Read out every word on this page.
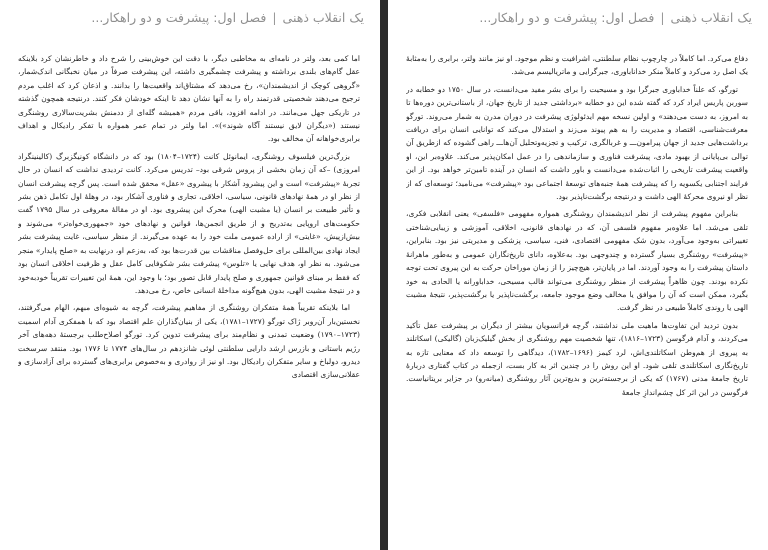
یک انقلاب ذهنی|فصل اول: پیشرفت و دو راهکار...

اما کمی بعد، ولتر در نامه‌ای به مخاطبی دیگر، با دقت این خوش‌بینی را شرح داد و خاطرنشان کرد بلاینکه عقل گام‌های بلندی برداشته و پیشرفت چشمگیری داشته، این پیشرفت صرفاً در میان نخبگانی اندک‌شمار، «گروهی کوچک از اندیشمندان»، رخ می‌دهد که مشتاق‌اند واقعیت‌ها را بدانند. و اذعان کرد که اغلب مردم ترجیح می‌دهند شخصیتی قدرتمند راه را به آنها نشان دهد تا اینکه خودشان فکر کنند. درنتیجه همچون گذشته در تاریکی جهل می‌مانند. در ادامه افزود، باقی مردم «همیشه گله‌ای از ددمنش بشریت‌سالاری روشنگری نیستند («دیگران لایق نیستند آگاه شوند»)». اما ولتر در تمام عمر همواره با تفکر رادیکال و اهداف برابری‌خواهانه آن مخالف بود.

بزرگ‌ترین فیلسوف روشنگری، ایمانوئل کانت (۱۷۲۴–۱۸۰۴) بود که در دانشگاه کونیگزبرگ (کالینینگراد امروزی) –که آن زمان بخشی از پروس شرقی بود– تدریس می‌کرد. کانت تردیدی نداشت که انسان در حال تجربهٔ «پیشرفت» است و این پیشرود آشکار با پیشروی «عقل» محقق شده است. پس گرچه پیشرفت انسان از نظر او در همهٔ نهادهای قانونی، سیاسی، اخلاقی، تجاری و فناوری آشکار بود، در وهلهٔ اول تکامل ذهن بشر و تأثیر طبیعت بر انسان (یا مشیت الهی) محرک این پیشروی بود. او در مقالهٔ معروفی در سال ۱۷۹۵ گفت حکومت‌های اروپایی به‌تدریج و از طریق انجمن‌ها، قوانین و نهادهای خود «جمهوری‌خواه‌تر» می‌شوند و بیش‌ازپیش، «غایتی» از اراده عمومی ملت خود را به عهده می‌گیرند. از منظر سیاسی، غایت پیشرفت بشر ایجاد نهادی بین‌المللی برای حل‌وفصل مناقشات بین قدرت‌ها بود که، به‌زعم او، درنهایت به «صلح پایدار» منجر می‌شود. به نظر او، هدف نهایی یا «تلوس» پیشرفت بشر شکوفایی کامل عقل و ظرفیت اخلاقی انسان بود که فقط بر مبنای قوانین جمهوری و صلح پایدار قابل تصور بود؛ با وجود این، همهٔ این تغییرات تقریباً خودبه‌خود و در نتیجهٔ مشیت الهی، بدون هیچ‌گونه مداخلهٔ انسانی خاص، رخ می‌دهد.

اما بلاینکه تقریباً همهٔ متفکران روشنگری از مفاهیم پیشرفت، گرچه به شیوه‌ای مبهم، الهام می‌گرفتند، نخستین‌بار آن‌روبر ژاک تورگو (۱۷۲۷–۱۷۸۱)، یکی از بنیان‌گذاران علم اقتصاد بود که با همفکری آدام اسمیت (۱۷۲۳–۱۷۹۰) وضعیت تمدنی و نظام‌مند برای پیشرفت تدوین کرد. تورگو اصلاح‌طلب برجستهٔ دهه‌های آخر رژیم باستانی و بازرس ارشد دارایی سلطنتی لوئی شانزدهم در سال‌های ۱۷۷۴ تا ۱۷۷۶ بود. منتقد سرسخت دیدرو، دولباخ و سایر متفکران رادیکال بود. او نیز از روادری و به‌خصوص برابری‌های گسترده برای آزادسازی و عقلانی‌سازی اقتصادی

یک انقلاب ذهنی|فصل اول: پیشرفت و دو راهکار...

دفاع می‌کرد. اما کاملاً در چارچوب نظام سلطنتی، اشرافیت و نظم موجود. او نیز مانند ولتر، برابری را به‌مثابهٔ یک اصل رد می‌کرد و کاملاً منکر خداناباوری، جبرگرایی و ماتریالیسم می‌شد.

تورگو، که علناً خداباوری جبرگرا بود و مسیحیت را برای بشر مفید می‌دانست، در سال ۱۷۵۰ دو خطابه در سوربن پاریس ایراد کرد که گفته شده این دو خطابه «برداشتی جدید از تاریخ جهان، از باستانی‌ترین دوره‌ها تا به امروز، به دست می‌دهند» و اولین نسخه مهم ایدئولوژی پیشرفت در دوران مدرن به شمار می‌روند. تورگو معرفت‌شناسی، اقتصاد و مدیریت را به هم پیوند می‌زند و استدلال می‌کند که توانایی انسان برای دریافت برداشت‌هایی جدید از جهان پیرامون‌ـــ و غربالگری، ترکیب و تجزیه‌وتحلیل آن‌هاـــ راهی گشوده که ازطریق آن توالی بی‌پایانی از بهبود مادی، پیشرفت فناوری و سازماندهی را در عمل امکان‌پذیر می‌کند. علاوه‌بر این، او واقعیت پیشرفت تاریخی را اثبات‌شده می‌دانست و باور داشت که انسان در آینده تامین‌تر خواهد بود. از این فرایند اجتنابی یکسویه را که پیشرفت همهٔ جنبه‌های توسعهٔ اجتماعی بود «پیشرفت» می‌نامید؛ توسعه‌ای که از نظر او نیروی محرکهٔ الهی داشت و درنتیجه برگشت‌ناپذیر بود.

بنابراین مفهوم پیشرفت از نظر اندیشمندان روشنگری همواره مفهومی «فلسفی» یعنی انقلابی فکری، تلقی می‌شد. اما علاوه‌بر مفهوم فلسفی آن، که در نهادهای قانونی، اخلاقی، آموزشی و زیبایی‌شناختی تغییراتی به‌وجود می‌آورد، بدون شک مفهومی اقتصادی، فنی، سیاسی، پزشکی و مدیریتی نیز بود. بنابراین، «پیشرفت» روشنگری بسیار گسترده و چندوجهی بود. به‌علاوه، دانای تاریخ‌نگاران عمومی و به‌طور ماهرانهٔ داستان پیشرفت را به وجود آوردند. اما در پایان‌تر، هیچ‌چیز را از زمان موراخان حرکت به این پیروی تحت توجه نکرده بودند. چون ظاهراً پیشرفت از منظر روشنگری می‌تواند قالب مسیحی، خداباورانه یا الحادی به خود بگیرد، ممکن است که آن را موافق یا مخالف وضع موجود جامعه، برگشت‌ناپذیر یا برگشت‌پذیر، نتیجهٔ مشیت الهی یا روندی کاملاً طبیعی در نظر گرفت.

بدون تردید این تفاوت‌ها ماهیت ملی نداشتند، گرچه فرانسویان بیشتر از دیگران بر پیشرفت عقل تأکید می‌کردند، و آدام فرگوسن (۱۷۲۳–۱۸۱۶)، تنها شخصیت مهم روشنگری از بخش گیلیک‌زبان (گالیکی) اسکاتلند به پیروی از هم‌وطن اسکاتلندی‌اش، لرد کیمز (۱۶۹۶–۱۷۸۲)، دیدگاهی را توسعه داد که معنایی تازه به تاریخ‌نگاری اسکاتلندی تلقی شود. او این روش را در چندین اثر به کار بست، ازجمله در کتاب گفتاری دربارهٔ تاریخ جامعهٔ مدنی (۱۷۶۷) که یکی از برجسته‌ترین و بدیع‌ترین آثار روشنگری (میانه‌رو) در جزایر بریتانیاست. فرگوسن در این اثر کل چشم‌اندازِ جامعهٔ
